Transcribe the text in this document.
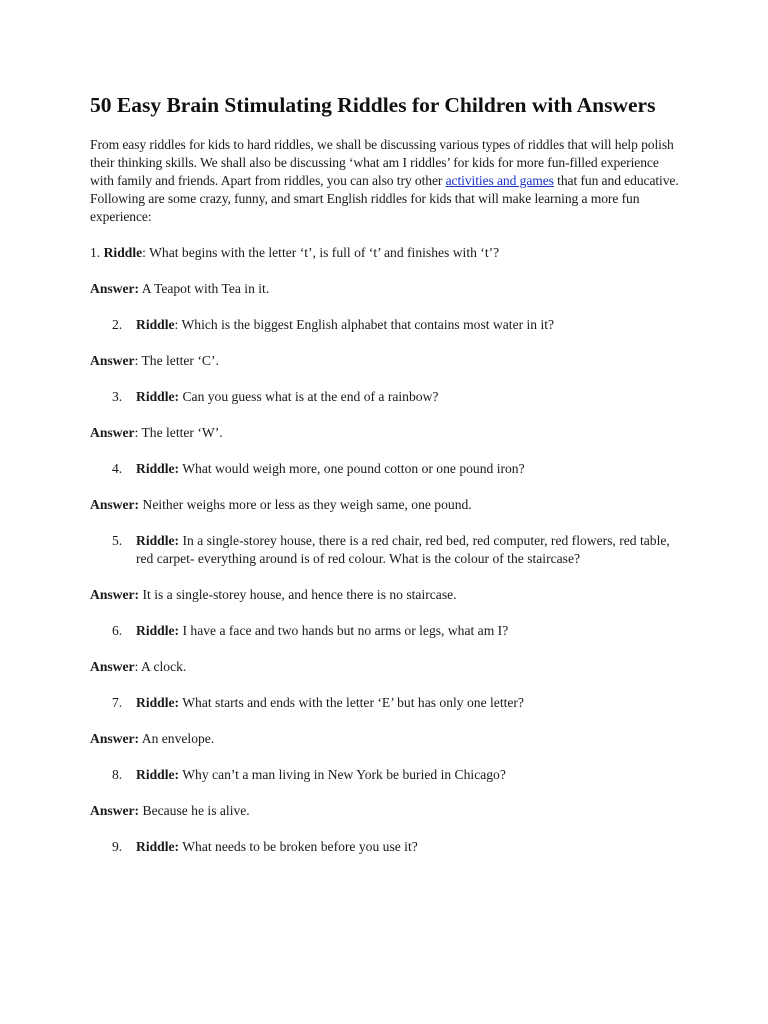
50 Easy Brain Stimulating Riddles for Children with Answers

From easy riddles for kids to hard riddles, we shall be discussing various types of riddles that will help polish their thinking skills. We shall also be discussing ‘what am I riddles’ for kids for more fun-filled experience with family and friends. Apart from riddles, you can also try other activities and games that fun and educative. Following are some crazy, funny, and smart English riddles for kids that will make learning a more fun experience:

1. Riddle: What begins with the letter ‘t’, is full of ‘t’ and finishes with ‘t’?

Answer: A Teapot with Tea in it.

2. Riddle: Which is the biggest English alphabet that contains most water in it?

Answer: The letter ‘C’.

3. Riddle: Can you guess what is at the end of a rainbow?

Answer: The letter ‘W’.

4. Riddle: What would weigh more, one pound cotton or one pound iron?

Answer: Neither weighs more or less as they weigh same, one pound.

5. Riddle: In a single-storey house, there is a red chair, red bed, red computer, red flowers, red table, red carpet- everything around is of red colour. What is the colour of the staircase?

Answer: It is a single-storey house, and hence there is no staircase.

6. Riddle: I have a face and two hands but no arms or legs, what am I?

Answer: A clock.

7. Riddle: What starts and ends with the letter ‘E’ but has only one letter?

Answer: An envelope.

8. Riddle: Why can’t a man living in New York be buried in Chicago?

Answer: Because he is alive.

9. Riddle: What needs to be broken before you use it?
